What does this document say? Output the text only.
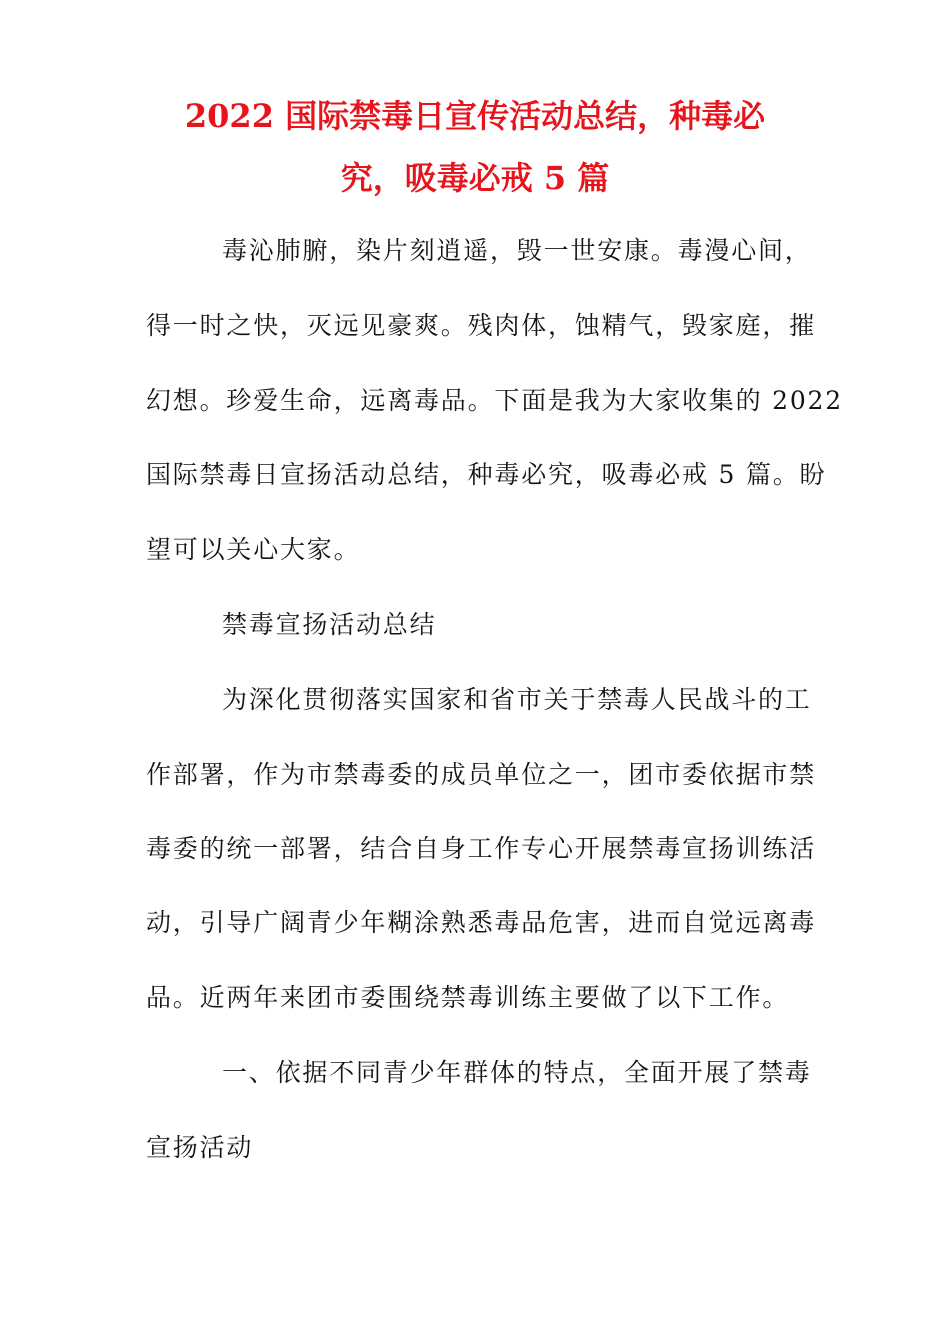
2022 国际禁毒日宣传活动总结，种毒必
究，吸毒必戒 5 篇
毒沁肺腑，染片刻逍遥，毁一世安康。毒漫心间，
得一时之快，灭远见豪爽。残肉体，蚀精气，毁家庭，摧
幻想。珍爱生命，远离毒品。下面是我为大家收集的 2022
国际禁毒日宣扬活动总结，种毒必究，吸毒必戒 5 篇。盼
望可以关心大家。
禁毒宣扬活动总结
为深化贯彻落实国家和省市关于禁毒人民战斗的工
作部署，作为市禁毒委的成员单位之一，团市委依据市禁
毒委的统一部署，结合自身工作专心开展禁毒宣扬训练活
动，引导广阔青少年糊涂熟悉毒品危害，进而自觉远离毒
品。近两年来团市委围绕禁毒训练主要做了以下工作。
一、依据不同青少年群体的特点，全面开展了禁毒
宣扬活动
